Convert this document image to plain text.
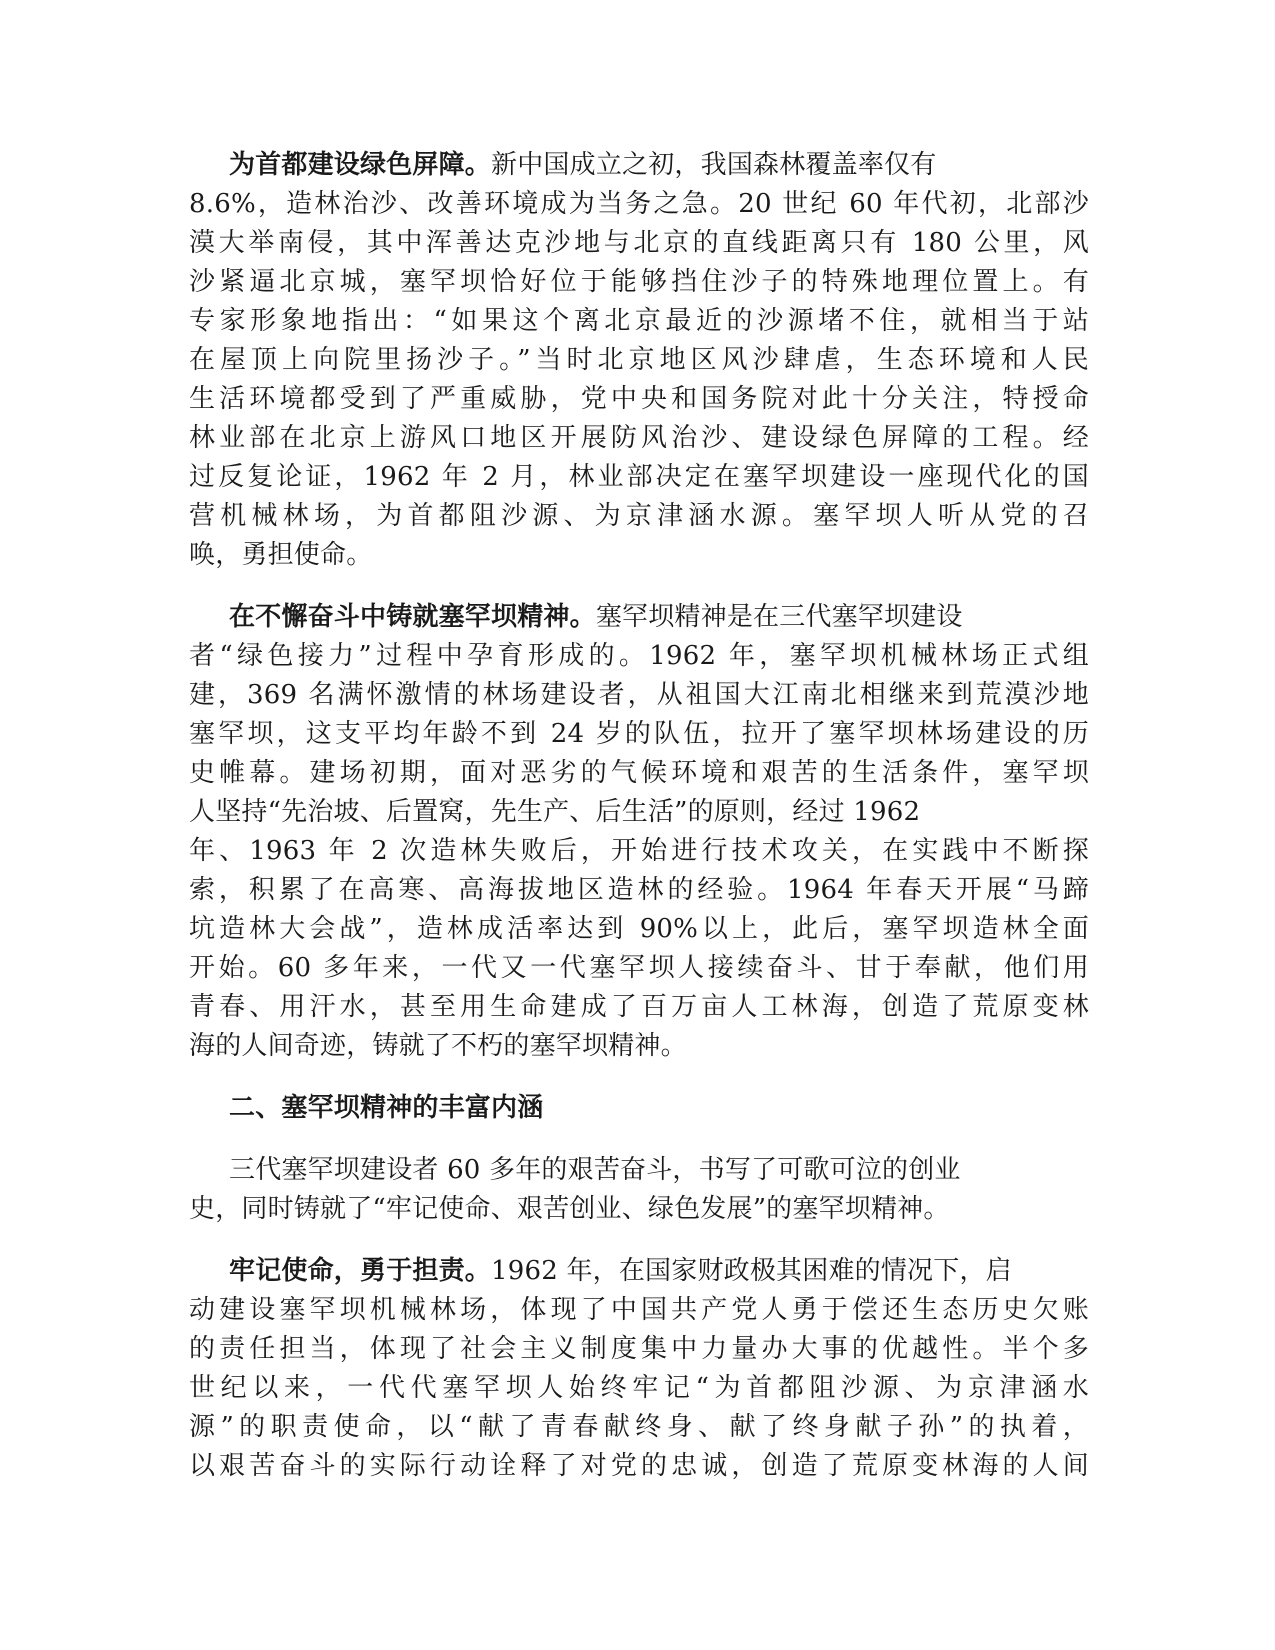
为首都建设绿色屏障。新中国成立之初，我国森林覆盖率仅有
8.6%，造林治沙、改善环境成为当务之急。20 世纪 60 年代初，北部沙
漠大举南侵，其中浑善达克沙地与北京的直线距离只有 180 公里，风
沙紧逼北京城，塞罕坝恰好位于能够挡住沙子的特殊地理位置上。有
专家形象地指出：“如果这个离北京最近的沙源堵不住，就相当于站
在屋顶上向院里扬沙子。”当时北京地区风沙肆虐，生态环境和人民
生活环境都受到了严重威胁，党中央和国务院对此十分关注，特授命
林业部在北京上游风口地区开展防风治沙、建设绿色屏障的工程。经
过反复论证，1962 年 2 月，林业部决定在塞罕坝建设一座现代化的国
营机械林场，为首都阻沙源、为京津涵水源。塞罕坝人听从党的召
唤，勇担使命。
在不懈奋斗中铸就塞罕坝精神。塞罕坝精神是在三代塞罕坝建设
者“绿色接力”过程中孕育形成的。1962 年，塞罕坝机械林场正式组
建，369 名满怀激情的林场建设者，从祖国大江南北相继来到荒漠沙地
塞罕坝，这支平均年龄不到 24 岁的队伍，拉开了塞罕坝林场建设的历
史帷幕。建场初期，面对恶劣的气候环境和艰苦的生活条件，塞罕坝
人坚持“先治坡、后置窝，先生产、后生活”的原则，经过 1962
年、1963 年 2 次造林失败后，开始进行技术攻关，在实践中不断探
索，积累了在高寒、高海拔地区造林的经验。1964 年春天开展“马蹄
坑造林大会战”，造林成活率达到 90%以上，此后，塞罕坝造林全面
开始。60 多年来，一代又一代塞罕坝人接续奋斗、甘于奉献，他们用
青春、用汗水，甚至用生命建成了百万亩人工林海，创造了荒原变林
海的人间奇迹，铸就了不朽的塞罕坝精神。
二、塞罕坝精神的丰富内涵
三代塞罕坝建设者 60 多年的艰苦奋斗，书写了可歌可泣的创业
史，同时铸就了“牢记使命、艰苦创业、绿色发展”的塞罕坝精神。
牢记使命，勇于担责。1962 年，在国家财政极其困难的情况下，启
动建设塞罕坝机械林场，体现了中国共产党人勇于偿还生态历史欠账
的责任担当，体现了社会主义制度集中力量办大事的优越性。半个多
世纪以来，一代代塞罕坝人始终牢记“为首都阻沙源、为京津涵水
源”的职责使命，以“献了青春献终身、献了终身献子孙”的执着，
以艰苦奋斗的实际行动诠释了对党的忠诚，创造了荒原变林海的人间
